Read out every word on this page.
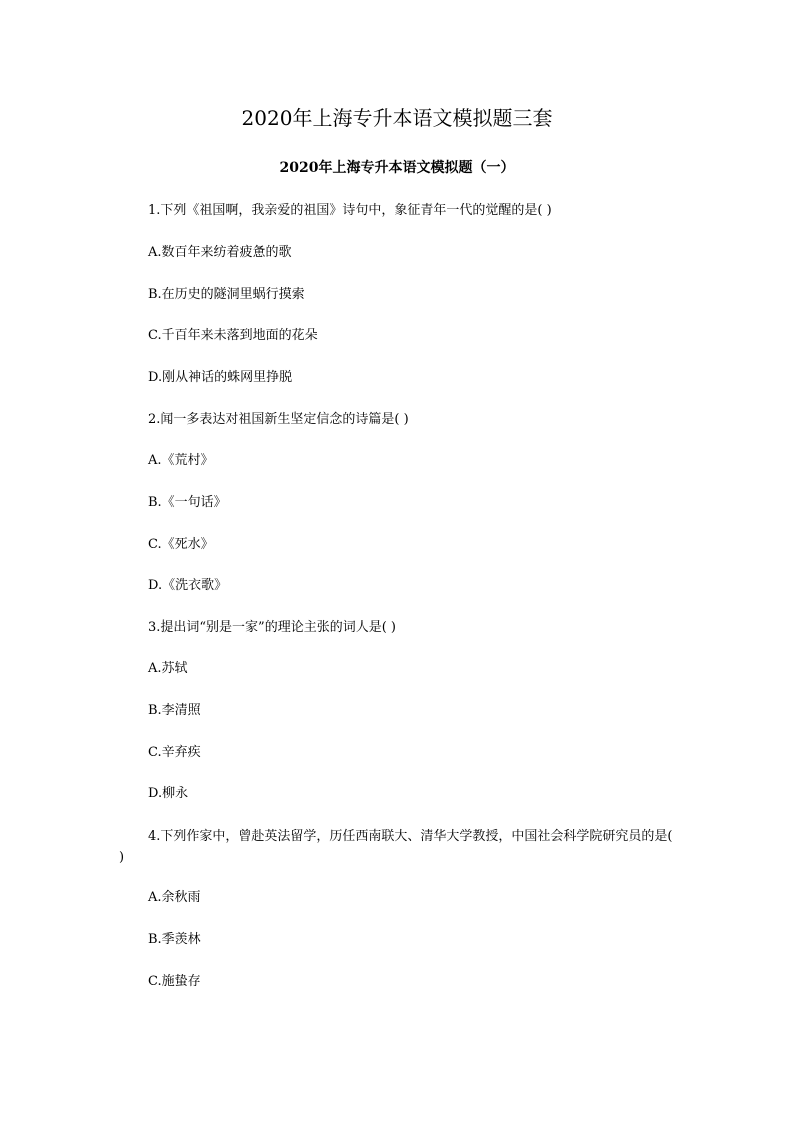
2020年上海专升本语文模拟题三套
2020年上海专升本语文模拟题（一）
1.下列《祖国啊，我亲爱的祖国》诗句中，象征青年一代的觉醒的是( )
A.数百年来纺着疲惫的歌
B.在历史的隧洞里蜗行摸索
C.千百年来未落到地面的花朵
D.刚从神话的蛛网里挣脱
2.闻一多表达对祖国新生坚定信念的诗篇是( )
A.《荒村》
B.《一句话》
C.《死水》
D.《洗衣歌》
3.提出词“别是一家”的理论主张的词人是( )
A.苏轼
B.李清照
C.辛弃疾
D.柳永

4.下列作家中，曾赴英法留学，历任西南联大、清华大学教授，中国社会科学院研究员的是( )

A.余秋雨
B.季羡林
C.施蛰存
